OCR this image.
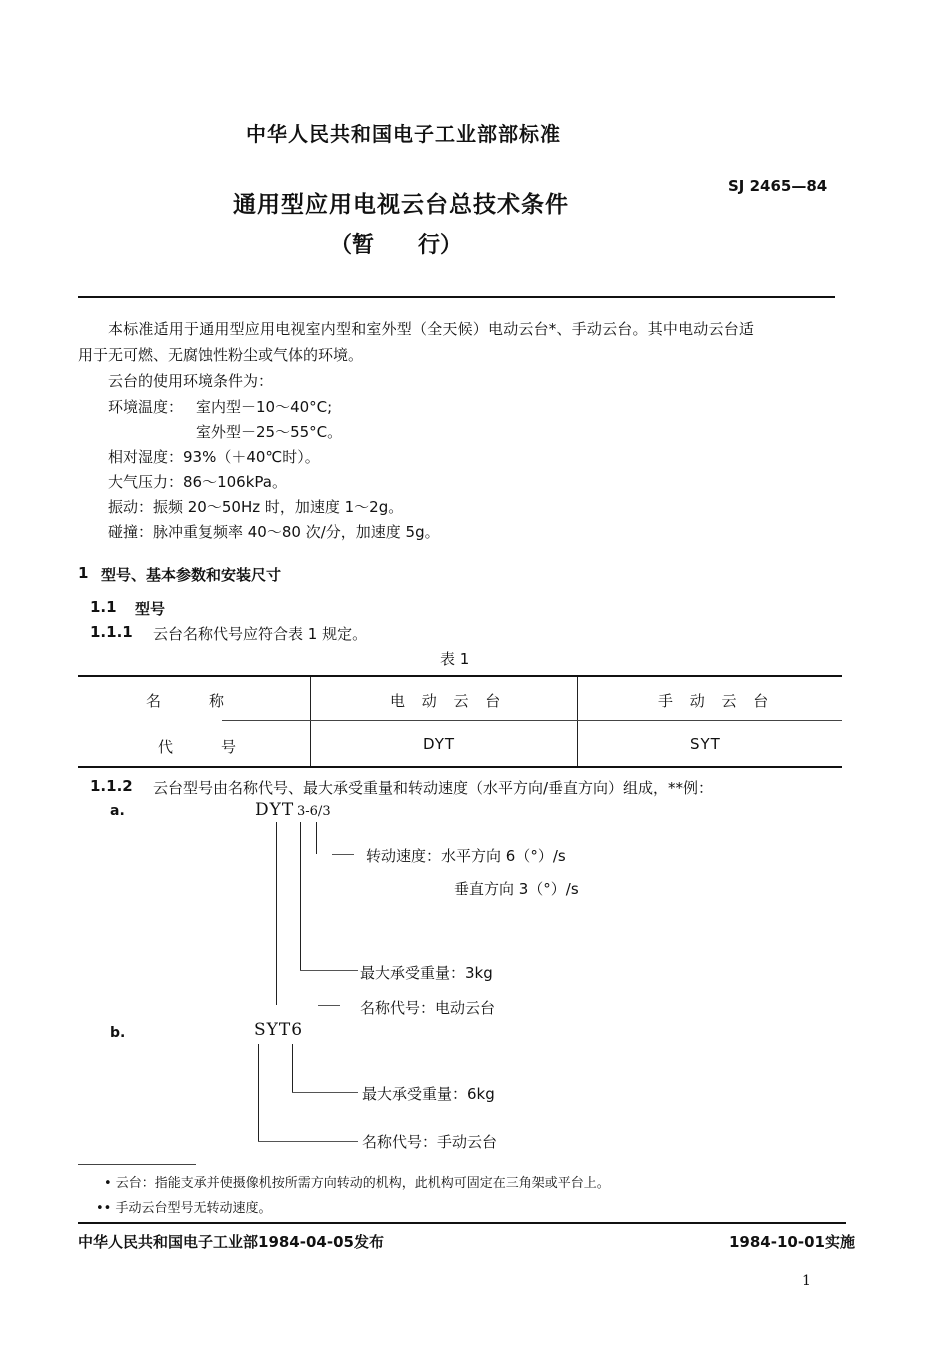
中华人民共和国电子工业部部标准
SJ 2465—84
通用型应用电视云台总技术条件
（暂　　行）
本标准适用于通用型应用电视室内型和室外型（全天候）电动云台*、手动云台。其中电动云台适
用于无可燃、无腐蚀性粉尘或气体的环境。
云台的使用环境条件为：
环境温度： 室内型－10～40°C;
室外型－25～55°C。
相对湿度：93%（＋40℃时）。
大气压力：86～106kPa。
振动：振频 20～50Hz 时，加速度 1～2g。
碰撞：脉冲重复频率 40～80 次/分，加速度 5g。
1 型号、基本参数和安装尺寸
1.1 型号
1.1.1 云台名称代号应符合表 1 规定。
表 1
名　　称	电 动 云 台	手 动 云 台
代　　号	DYT	SYT
1.1.2 云台型号由名称代号、最大承受重量和转动速度（水平方向/垂直方向）组成，**例：
a.	DYT 3-6/3
转动速度：水平方向 6（°）/s
垂直方向 3（°）/s
最大承受重量：3kg
名称代号：电动云台
b.	SYT6
最大承受重量：6kg
名称代号：手动云台
• 云台：指能支承并使摄像机按所需方向转动的机构，此机构可固定在三角架或平台上。
•• 手动云台型号无转动速度。
中华人民共和国电子工业部1984-04-05发布	1984-10-01实施
1
